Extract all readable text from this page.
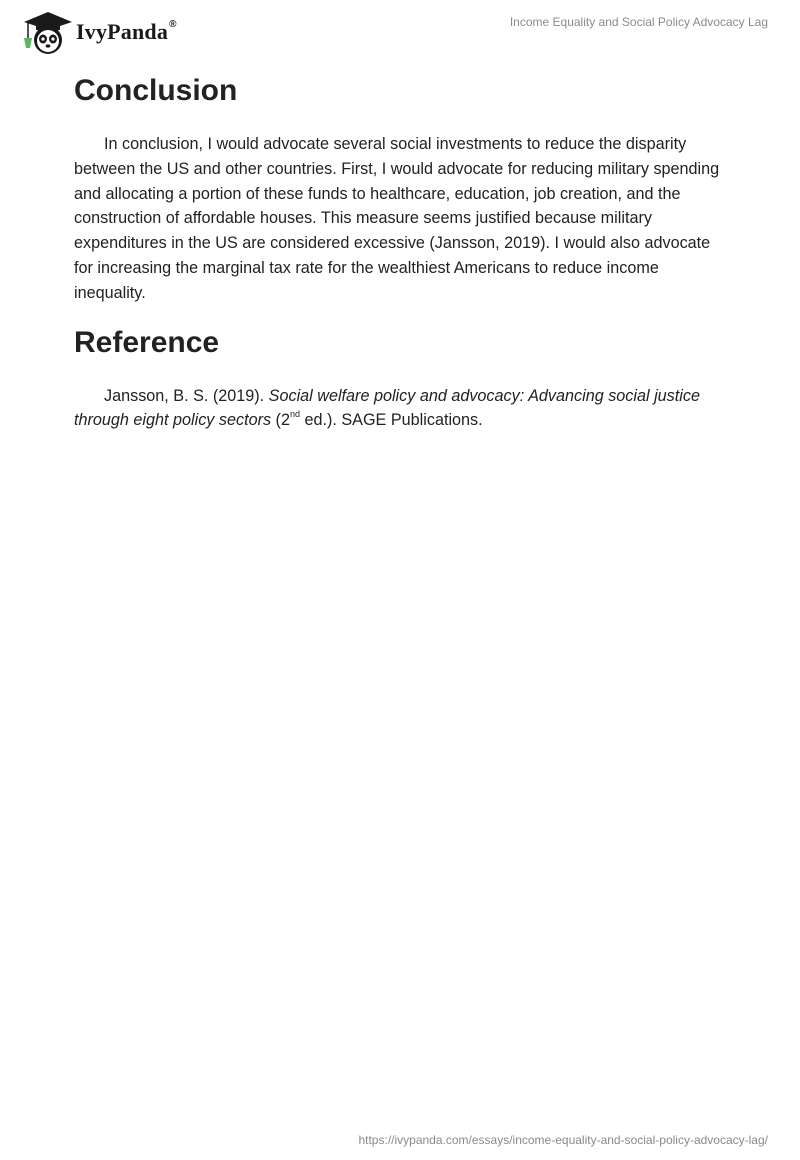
IvyPanda®	Income Equality and Social Policy Advocacy Lag
Conclusion

In conclusion, I would advocate several social investments to reduce the disparity between the US and other countries. First, I would advocate for reducing military spending and allocating a portion of these funds to healthcare, education, job creation, and the construction of affordable houses. This measure seems justified because military expenditures in the US are considered excessive (Jansson, 2019). I would also advocate for increasing the marginal tax rate for the wealthiest Americans to reduce income inequality.

Reference

Jansson, B. S. (2019). Social welfare policy and advocacy: Advancing social justice through eight policy sectors (2nd ed.). SAGE Publications.

https://ivypanda.com/essays/income-equality-and-social-policy-advocacy-lag/
